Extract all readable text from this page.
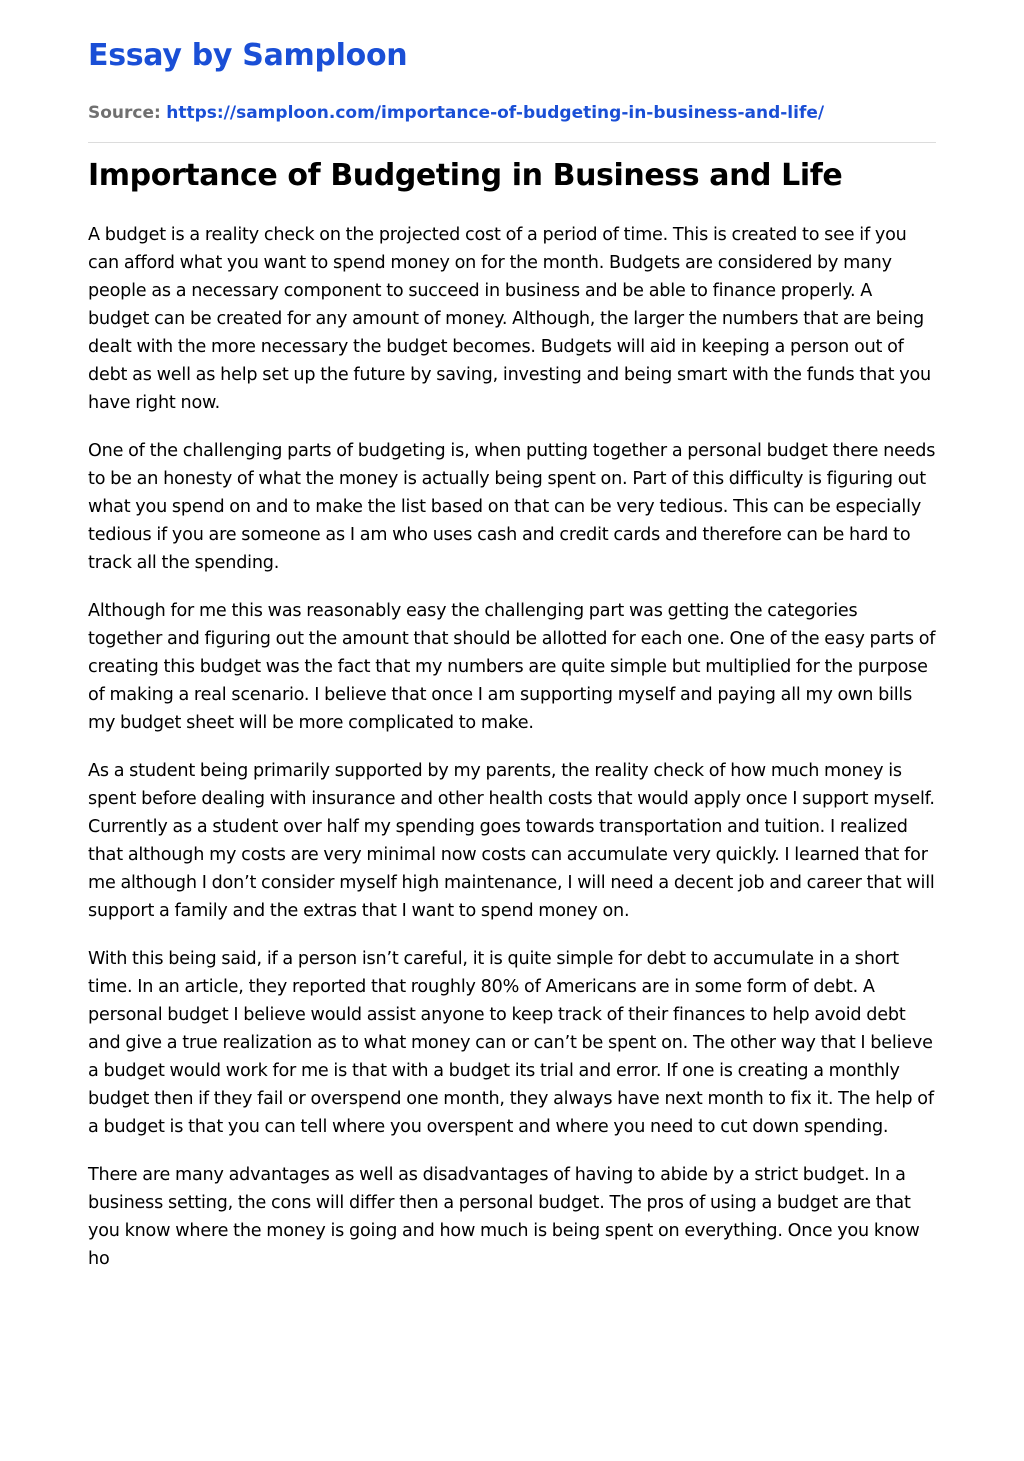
Essay by Samploon
Source: https://samploon.com/importance-of-budgeting-in-business-and-life/
Importance of Budgeting in Business and Life

A budget is a reality check on the projected cost of a period of time. This is created to see if you can afford what you want to spend money on for the month. Budgets are considered by many people as a necessary component to succeed in business and be able to finance properly. A budget can be created for any amount of money. Although, the larger the numbers that are being dealt with the more necessary the budget becomes. Budgets will aid in keeping a person out of debt as well as help set up the future by saving, investing and being smart with the funds that you have right now.

One of the challenging parts of budgeting is, when putting together a personal budget there needs to be an honesty of what the money is actually being spent on. Part of this difficulty is figuring out what you spend on and to make the list based on that can be very tedious. This can be especially tedious if you are someone as I am who uses cash and credit cards and therefore can be hard to track all the spending.

Although for me this was reasonably easy the challenging part was getting the categories together and figuring out the amount that should be allotted for each one. One of the easy parts of creating this budget was the fact that my numbers are quite simple but multiplied for the purpose of making a real scenario. I believe that once I am supporting myself and paying all my own bills my budget sheet will be more complicated to make.

As a student being primarily supported by my parents, the reality check of how much money is spent before dealing with insurance and other health costs that would apply once I support myself. Currently as a student over half my spending goes towards transportation and tuition. I realized that although my costs are very minimal now costs can accumulate very quickly. I learned that for me although I don’t consider myself high maintenance, I will need a decent job and career that will support a family and the extras that I want to spend money on.

With this being said, if a person isn’t careful, it is quite simple for debt to accumulate in a short time. In an article, they reported that roughly 80% of Americans are in some form of debt. A personal budget I believe would assist anyone to keep track of their finances to help avoid debt and give a true realization as to what money can or can’t be spent on. The other way that I believe a budget would work for me is that with a budget its trial and error. If one is creating a monthly budget then if they fail or overspend one month, they always have next month to fix it. The help of a budget is that you can tell where you overspent and where you need to cut down spending.

There are many advantages as well as disadvantages of having to abide by a strict budget. In a business setting, the cons will differ then a personal budget. The pros of using a budget are that you know where the money is going and how much is being spent on everything. Once you know ho
